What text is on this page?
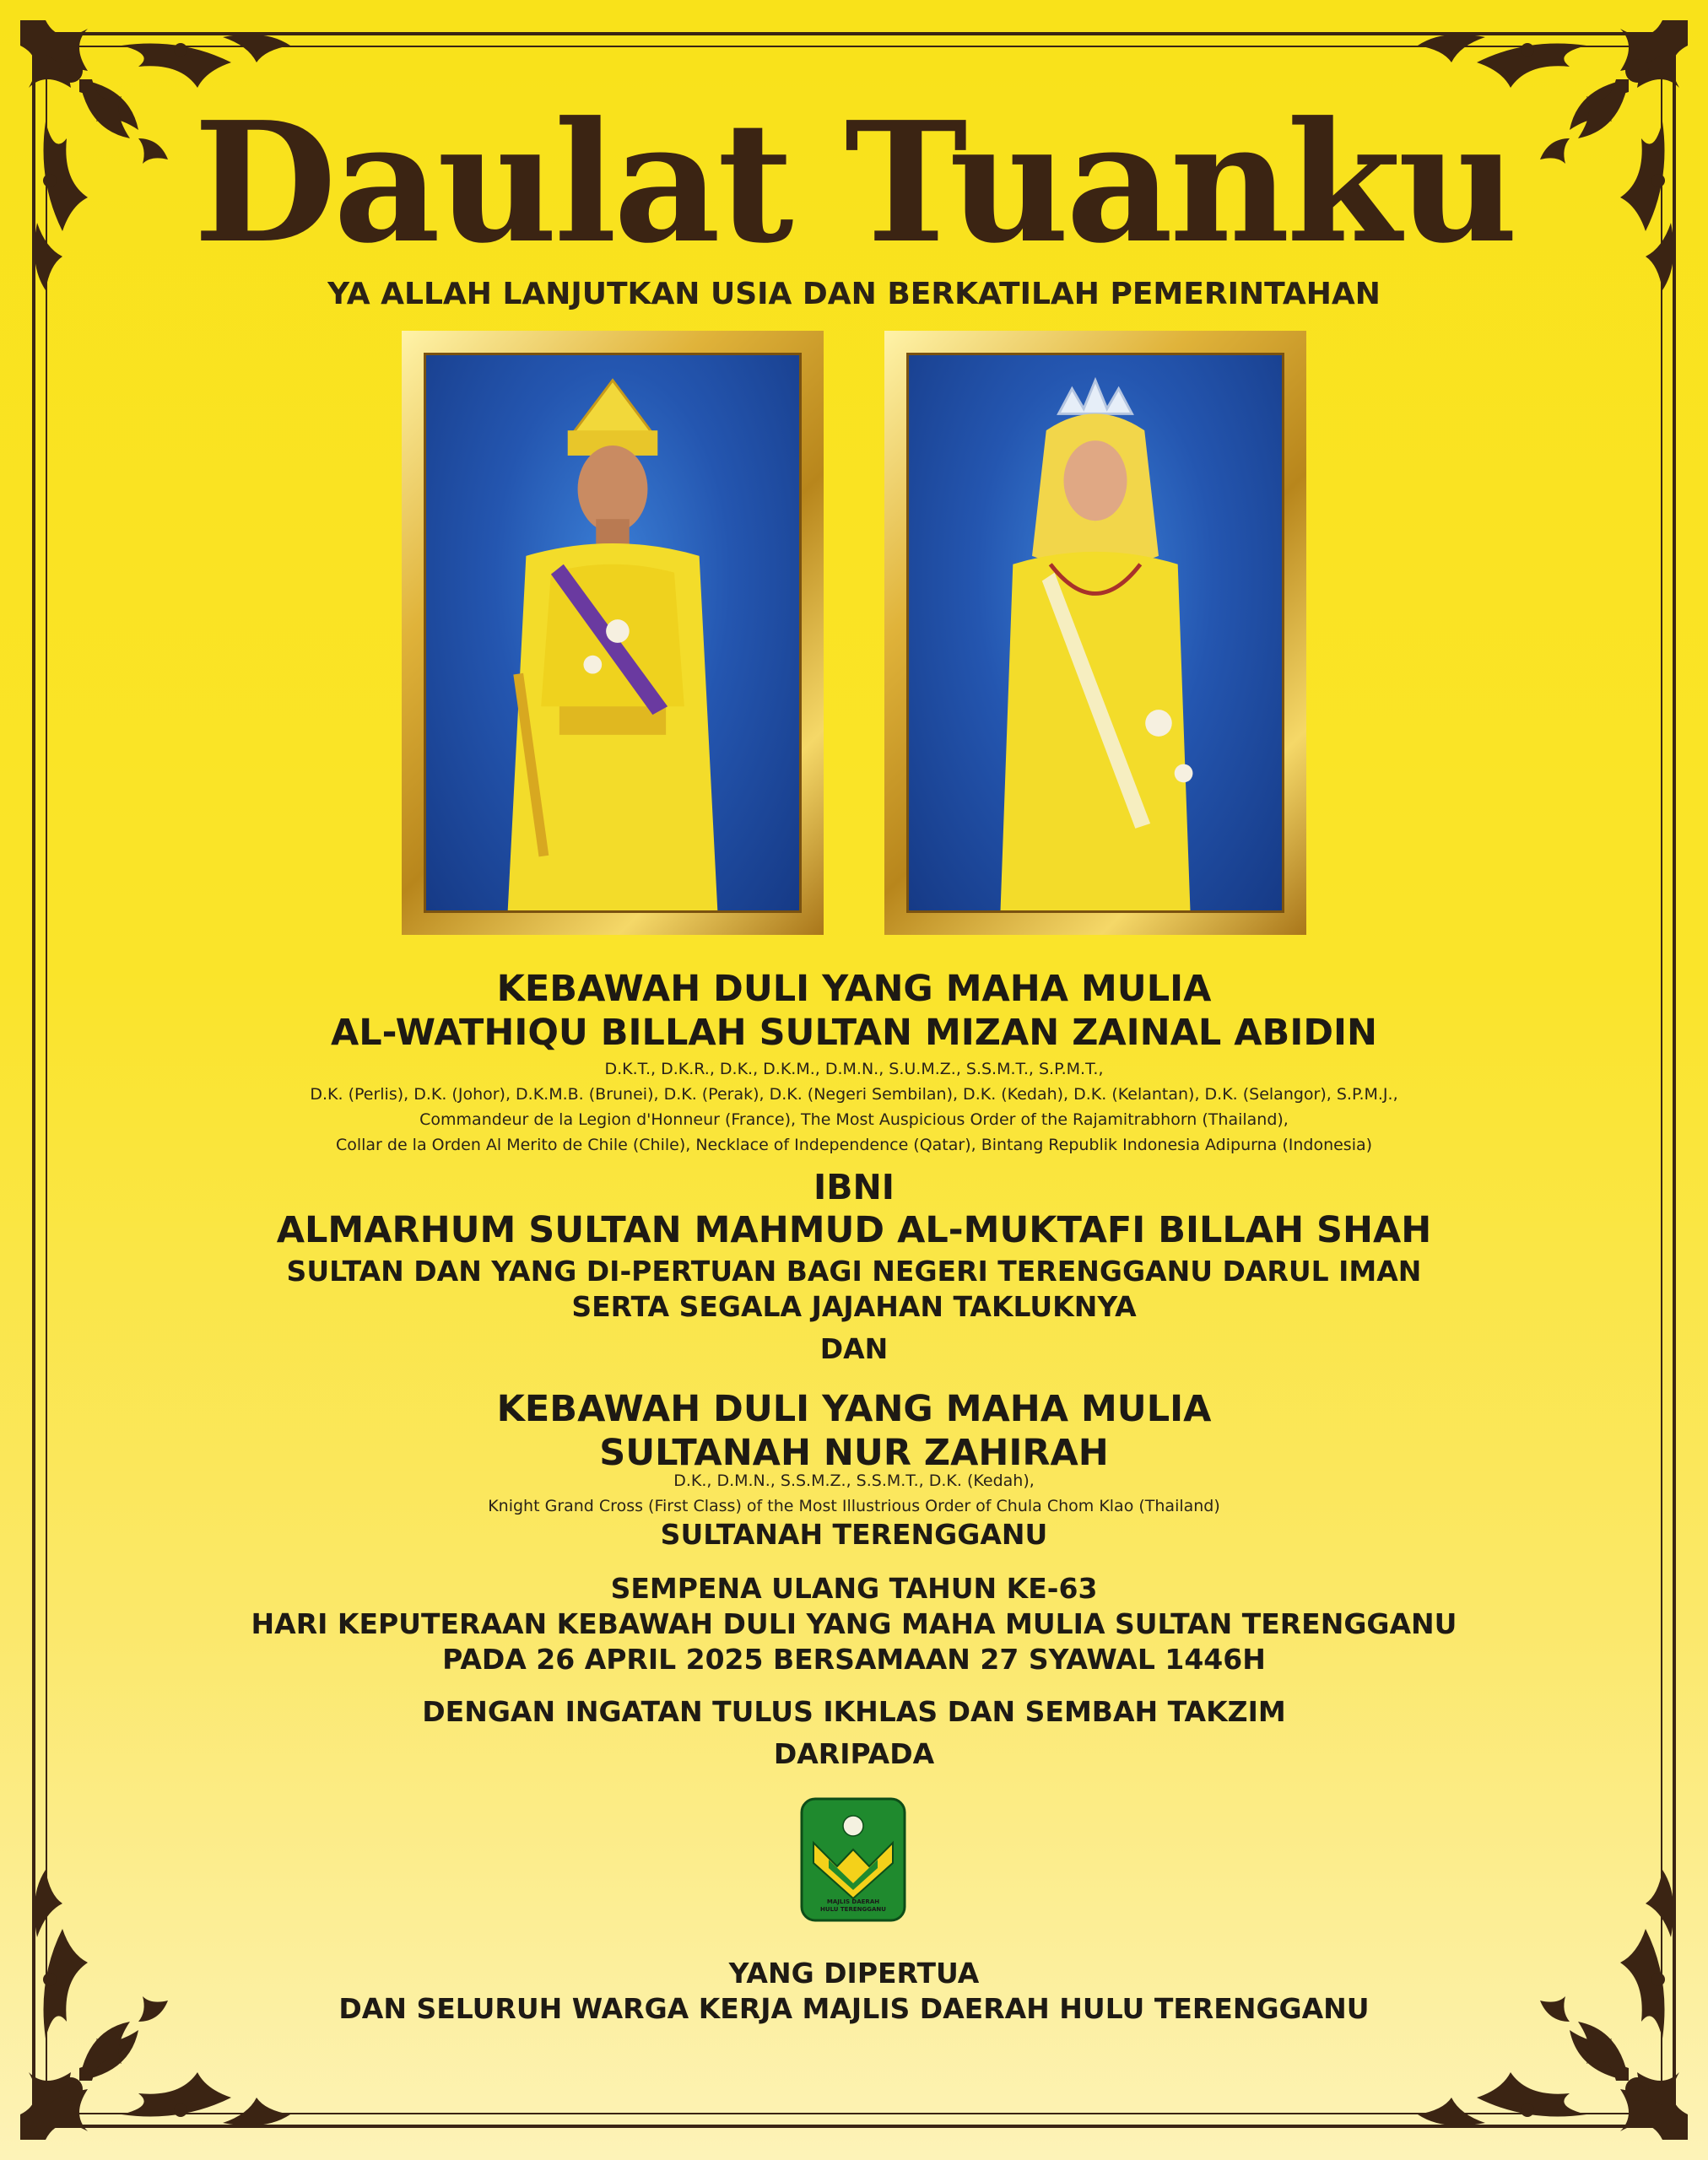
Daulat Tuanku
YA ALLAH LANJUTKAN USIA DAN BERKATILAH PEMERINTAHAN
KEBAWAH DULI YANG MAHA MULIA
AL-WATHIQU BILLAH SULTAN MIZAN ZAINAL ABIDIN
D.K.T., D.K.R., D.K., D.K.M., D.M.N., S.U.M.Z., S.S.M.T., S.P.M.T.,
D.K. (Perlis), D.K. (Johor), D.K.M.B. (Brunei), D.K. (Perak), D.K. (Negeri Sembilan), D.K. (Kedah), D.K. (Kelantan), D.K. (Selangor), S.P.M.J.,
Commandeur de la Legion d'Honneur (France), The Most Auspicious Order of the Rajamitrabhorn (Thailand),
Collar de la Orden Al Merito de Chile (Chile), Necklace of Independence (Qatar), Bintang Republik Indonesia Adipurna (Indonesia)
IBNI
ALMARHUM SULTAN MAHMUD AL-MUKTAFI BILLAH SHAH
SULTAN DAN YANG DI-PERTUAN BAGI NEGERI TERENGGANU DARUL IMAN
SERTA SEGALA JAJAHAN TAKLUKNYA
DAN
KEBAWAH DULI YANG MAHA MULIA
SULTANAH NUR ZAHIRAH
D.K., D.M.N., S.S.M.Z., S.S.M.T., D.K. (Kedah),
Knight Grand Cross (First Class) of the Most Illustrious Order of Chula Chom Klao (Thailand)
SULTANAH TERENGGANU
SEMPENA ULANG TAHUN KE-63
HARI KEPUTERAAN KEBAWAH DULI YANG MAHA MULIA SULTAN TERENGGANU
PADA 26 APRIL 2025 BERSAMAAN 27 SYAWAL 1446H
DENGAN INGATAN TULUS IKHLAS DAN SEMBAH TAKZIM
DARIPADA
MAJLIS DAERAH
HULU TERENGGANU
YANG DIPERTUA
DAN SELURUH WARGA KERJA MAJLIS DAERAH HULU TERENGGANU
